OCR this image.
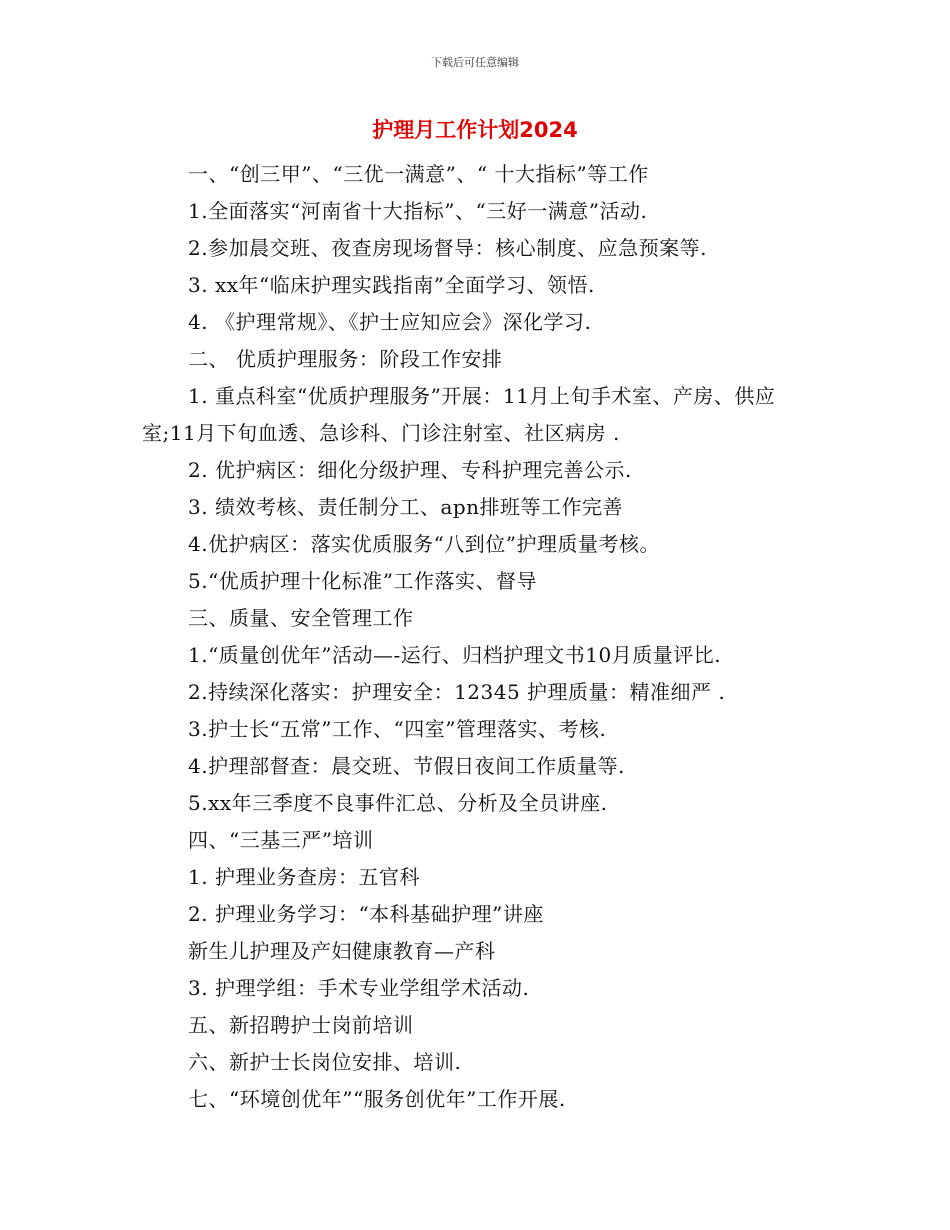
下载后可任意编辑
护理月工作计划2024

一、“创三甲”、“三优一满意”、“ 十大指标”等工作

1.全面落实“河南省十大指标”、“三好一满意”活动.

2.参加晨交班、夜查房现场督导：核心制度、应急预案等.

3. xx年“临床护理实践指南”全面学习、领悟.

4. 《护理常规》、《护士应知应会》深化学习.

二、 优质护理服务：阶段工作安排

1. 重点科室“优质护理服务”开展：11月上旬手术室、产房、供应室;11月下旬血透、急诊科、门诊注射室、社区病房 .

2. 优护病区：细化分级护理、专科护理完善公示.

3. 绩效考核、责任制分工、apn排班等工作完善

4.优护病区：落实优质服务“八到位”护理质量考核。

5.“优质护理十化标准”工作落实、督导

三、质量、安全管理工作

1.“质量创优年”活动—-运行、归档护理文书10月质量评比.

2.持续深化落实：护理安全：12345 护理质量：精准细严 .

3.护士长“五常”工作、“四室”管理落实、考核.

4.护理部督查：晨交班、节假日夜间工作质量等.

5.xx年三季度不良事件汇总、分析及全员讲座.

四、“三基三严”培训

1. 护理业务查房：五官科

2. 护理业务学习：“本科基础护理”讲座

新生儿护理及产妇健康教育—产科

3. 护理学组：手术专业学组学术活动.

五、新招聘护士岗前培训

六、新护士长岗位安排、培训.

七、“环境创优年”“服务创优年”工作开展.
